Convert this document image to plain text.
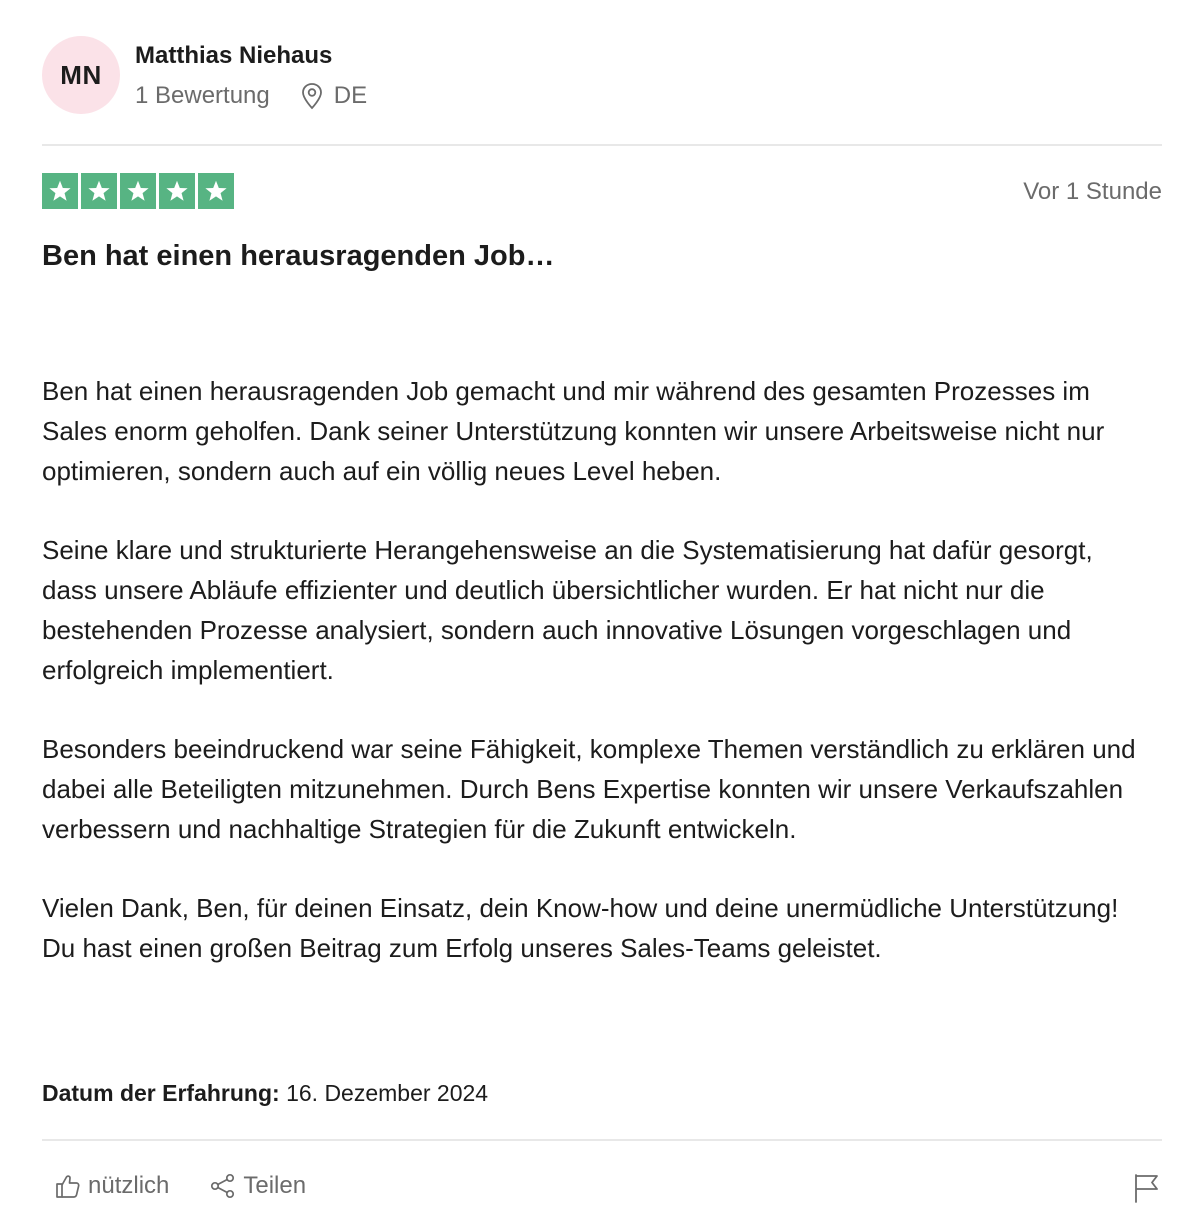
MN
Matthias Niehaus
1 Bewertung	DE
Vor 1 Stunde
Ben hat einen herausragenden Job…

Ben hat einen herausragenden Job gemacht und mir während des gesamten Prozesses im Sales enorm geholfen. Dank seiner Unterstützung konnten wir unsere Arbeitsweise nicht nur optimieren, sondern auch auf ein völlig neues Level heben.

Seine klare und strukturierte Herangehensweise an die Systematisierung hat dafür gesorgt, dass unsere Abläufe effizienter und deutlich übersichtlicher wurden. Er hat nicht nur die bestehenden Prozesse analysiert, sondern auch innovative Lösungen vorgeschlagen und erfolgreich implementiert.

Besonders beeindruckend war seine Fähigkeit, komplexe Themen verständlich zu erklären und dabei alle Beteiligten mitzunehmen. Durch Bens Expertise konnten wir unsere Verkaufszahlen verbessern und nachhaltige Strategien für die Zukunft entwickeln.

Vielen Dank, Ben, für deinen Einsatz, dein Know-how und deine unermüdliche Unterstützung! Du hast einen großen Beitrag zum Erfolg unseres Sales-Teams geleistet.

Datum der Erfahrung: 16. Dezember 2024
nützlich	Teilen
